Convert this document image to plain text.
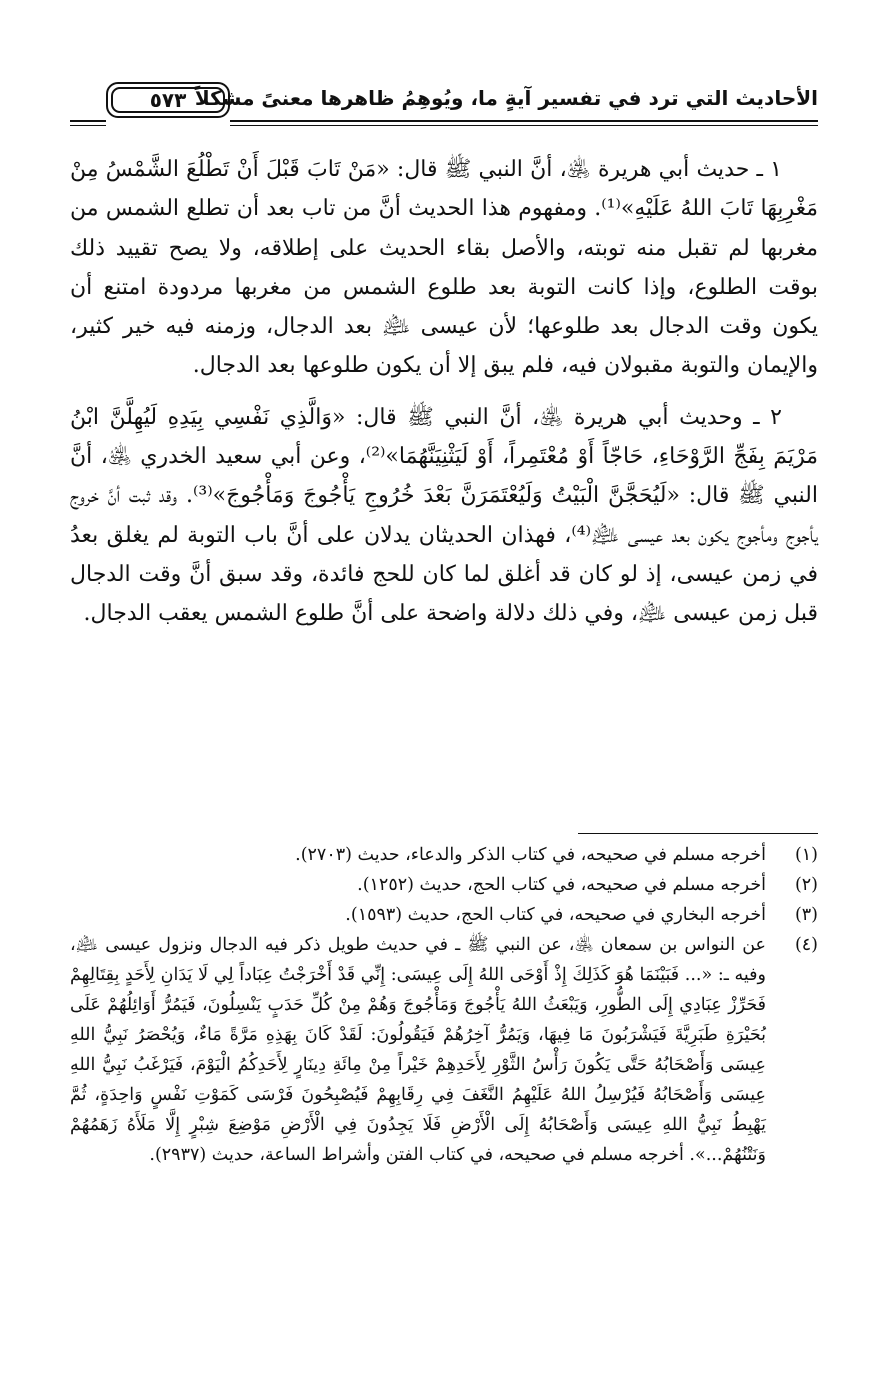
الأحاديث التي ترد في تفسير آيةٍ ما، ويُوهِمُ ظاهرها معنىً مشكلاً
٥٧٣

١ ـ حديث أبي هريرة ﵁، أنَّ النبي ﷺ قال: «مَنْ تَابَ قَبْلَ أَنْ تَطْلُعَ الشَّمْسُ مِنْ مَغْرِبِهَا تَابَ اللهُ عَلَيْهِ»⁽¹⁾. ومفهوم هذا الحديث أنَّ من تاب بعد أن تطلع الشمس من مغربها لم تقبل منه توبته، والأصل بقاء الحديث على إطلاقه، ولا يصح تقييد ذلك بوقت الطلوع، وإذا كانت التوبة بعد طلوع الشمس من مغربها مردودة امتنع أن يكون وقت الدجال بعد طلوعها؛ لأن عيسى ﵇ بعد الدجال، وزمنه فيه خير كثير، والإيمان والتوبة مقبولان فيه، فلم يبق إلا أن يكون طلوعها بعد الدجال.

٢ ـ وحديث أبي هريرة ﵁، أنَّ النبي ﷺ قال: «وَالَّذِي نَفْسِي بِيَدِهِ لَيُهِلَّنَّ ابْنُ مَرْيَمَ بِفَجِّ الرَّوْحَاءِ، حَاجّاً أَوْ مُعْتَمِراً، أَوْ لَيَثْنِيَنَّهُمَا»⁽²⁾، وعن أبي سعيد الخدري ﵁، أنَّ النبي ﷺ قال: «لَيُحَجَّنَّ الْبَيْتُ وَلَيُعْتَمَرَنَّ بَعْدَ خُرُوجِ يَأْجُوجَ وَمَأْجُوجَ»⁽³⁾. وقد ثبت أنَّ خروج يأجوج ومأجوج يكون بعد عيسى ﵇⁽⁴⁾، فهذان الحديثان يدلان على أنَّ باب التوبة لم يغلق بعدُ في زمن عيسى، إذ لو كان قد أغلق لما كان للحج فائدة، وقد سبق أنَّ وقت الدجال قبل زمن عيسى ﵇، وفي ذلك دلالة واضحة على أنَّ طلوع الشمس يعقب الدجال.

(١)
أخرجه مسلم في صحيحه، في كتاب الذكر والدعاء، حديث (٢٧٠٣).
(٢)
أخرجه مسلم في صحيحه، في كتاب الحج، حديث (١٢٥٢).
(٣)
أخرجه البخاري في صحيحه، في كتاب الحج، حديث (١٥٩٣).
(٤)
عن النواس بن سمعان ﵁، عن النبي ﷺ ـ في حديث طويل ذكر فيه الدجال ونزول عيسى ﵇، وفيه ـ: «... فَبَيْنَمَا هُوَ كَذَلِكَ إِذْ أَوْحَى اللهُ إِلَى عِيسَى: إِنِّي قَدْ أَخْرَجْتُ عِبَاداً لِي لَا يَدَانِ لِأَحَدٍ بِقِتَالِهِمْ فَحَرِّزْ عِبَادِي إِلَى الطُّورِ، وَيَبْعَثُ اللهُ يَأْجُوجَ وَمَأْجُوجَ وَهُمْ مِنْ كُلِّ حَدَبٍ يَنْسِلُونَ، فَيَمُرُّ أَوَائِلُهُمْ عَلَى بُحَيْرَةِ طَبَرِيَّةَ فَيَشْرَبُونَ مَا فِيهَا، وَيَمُرُّ آخِرُهُمْ فَيَقُولُونَ: لَقَدْ كَانَ بِهَذِهِ مَرَّةً مَاءٌ، وَيُحْصَرُ نَبِيُّ اللهِ عِيسَى وَأَصْحَابُهُ حَتَّى يَكُونَ رَأْسُ الثَّوْرِ لِأَحَدِهِمْ خَيْراً مِنْ مِائَةِ دِينَارٍ لِأَحَدِكُمُ الْيَوْمَ، فَيَرْغَبُ نَبِيُّ اللهِ عِيسَى وَأَصْحَابُهُ فَيُرْسِلُ اللهُ عَلَيْهِمُ النَّغَفَ فِي رِقَابِهِمْ فَيُصْبِحُونَ فَرْسَى كَمَوْتِ نَفْسٍ وَاحِدَةٍ، ثُمَّ يَهْبِطُ نَبِيُّ اللهِ عِيسَى وَأَصْحَابُهُ إِلَى الْأَرْضِ فَلَا يَجِدُونَ فِي الْأَرْضِ مَوْضِعَ شِبْرٍ إِلَّا مَلَأَهُ زَهَمُهُمْ وَنَتْنُهُمْ...». أخرجه مسلم في صحيحه، في كتاب الفتن وأشراط الساعة، حديث (٢٩٣٧).
